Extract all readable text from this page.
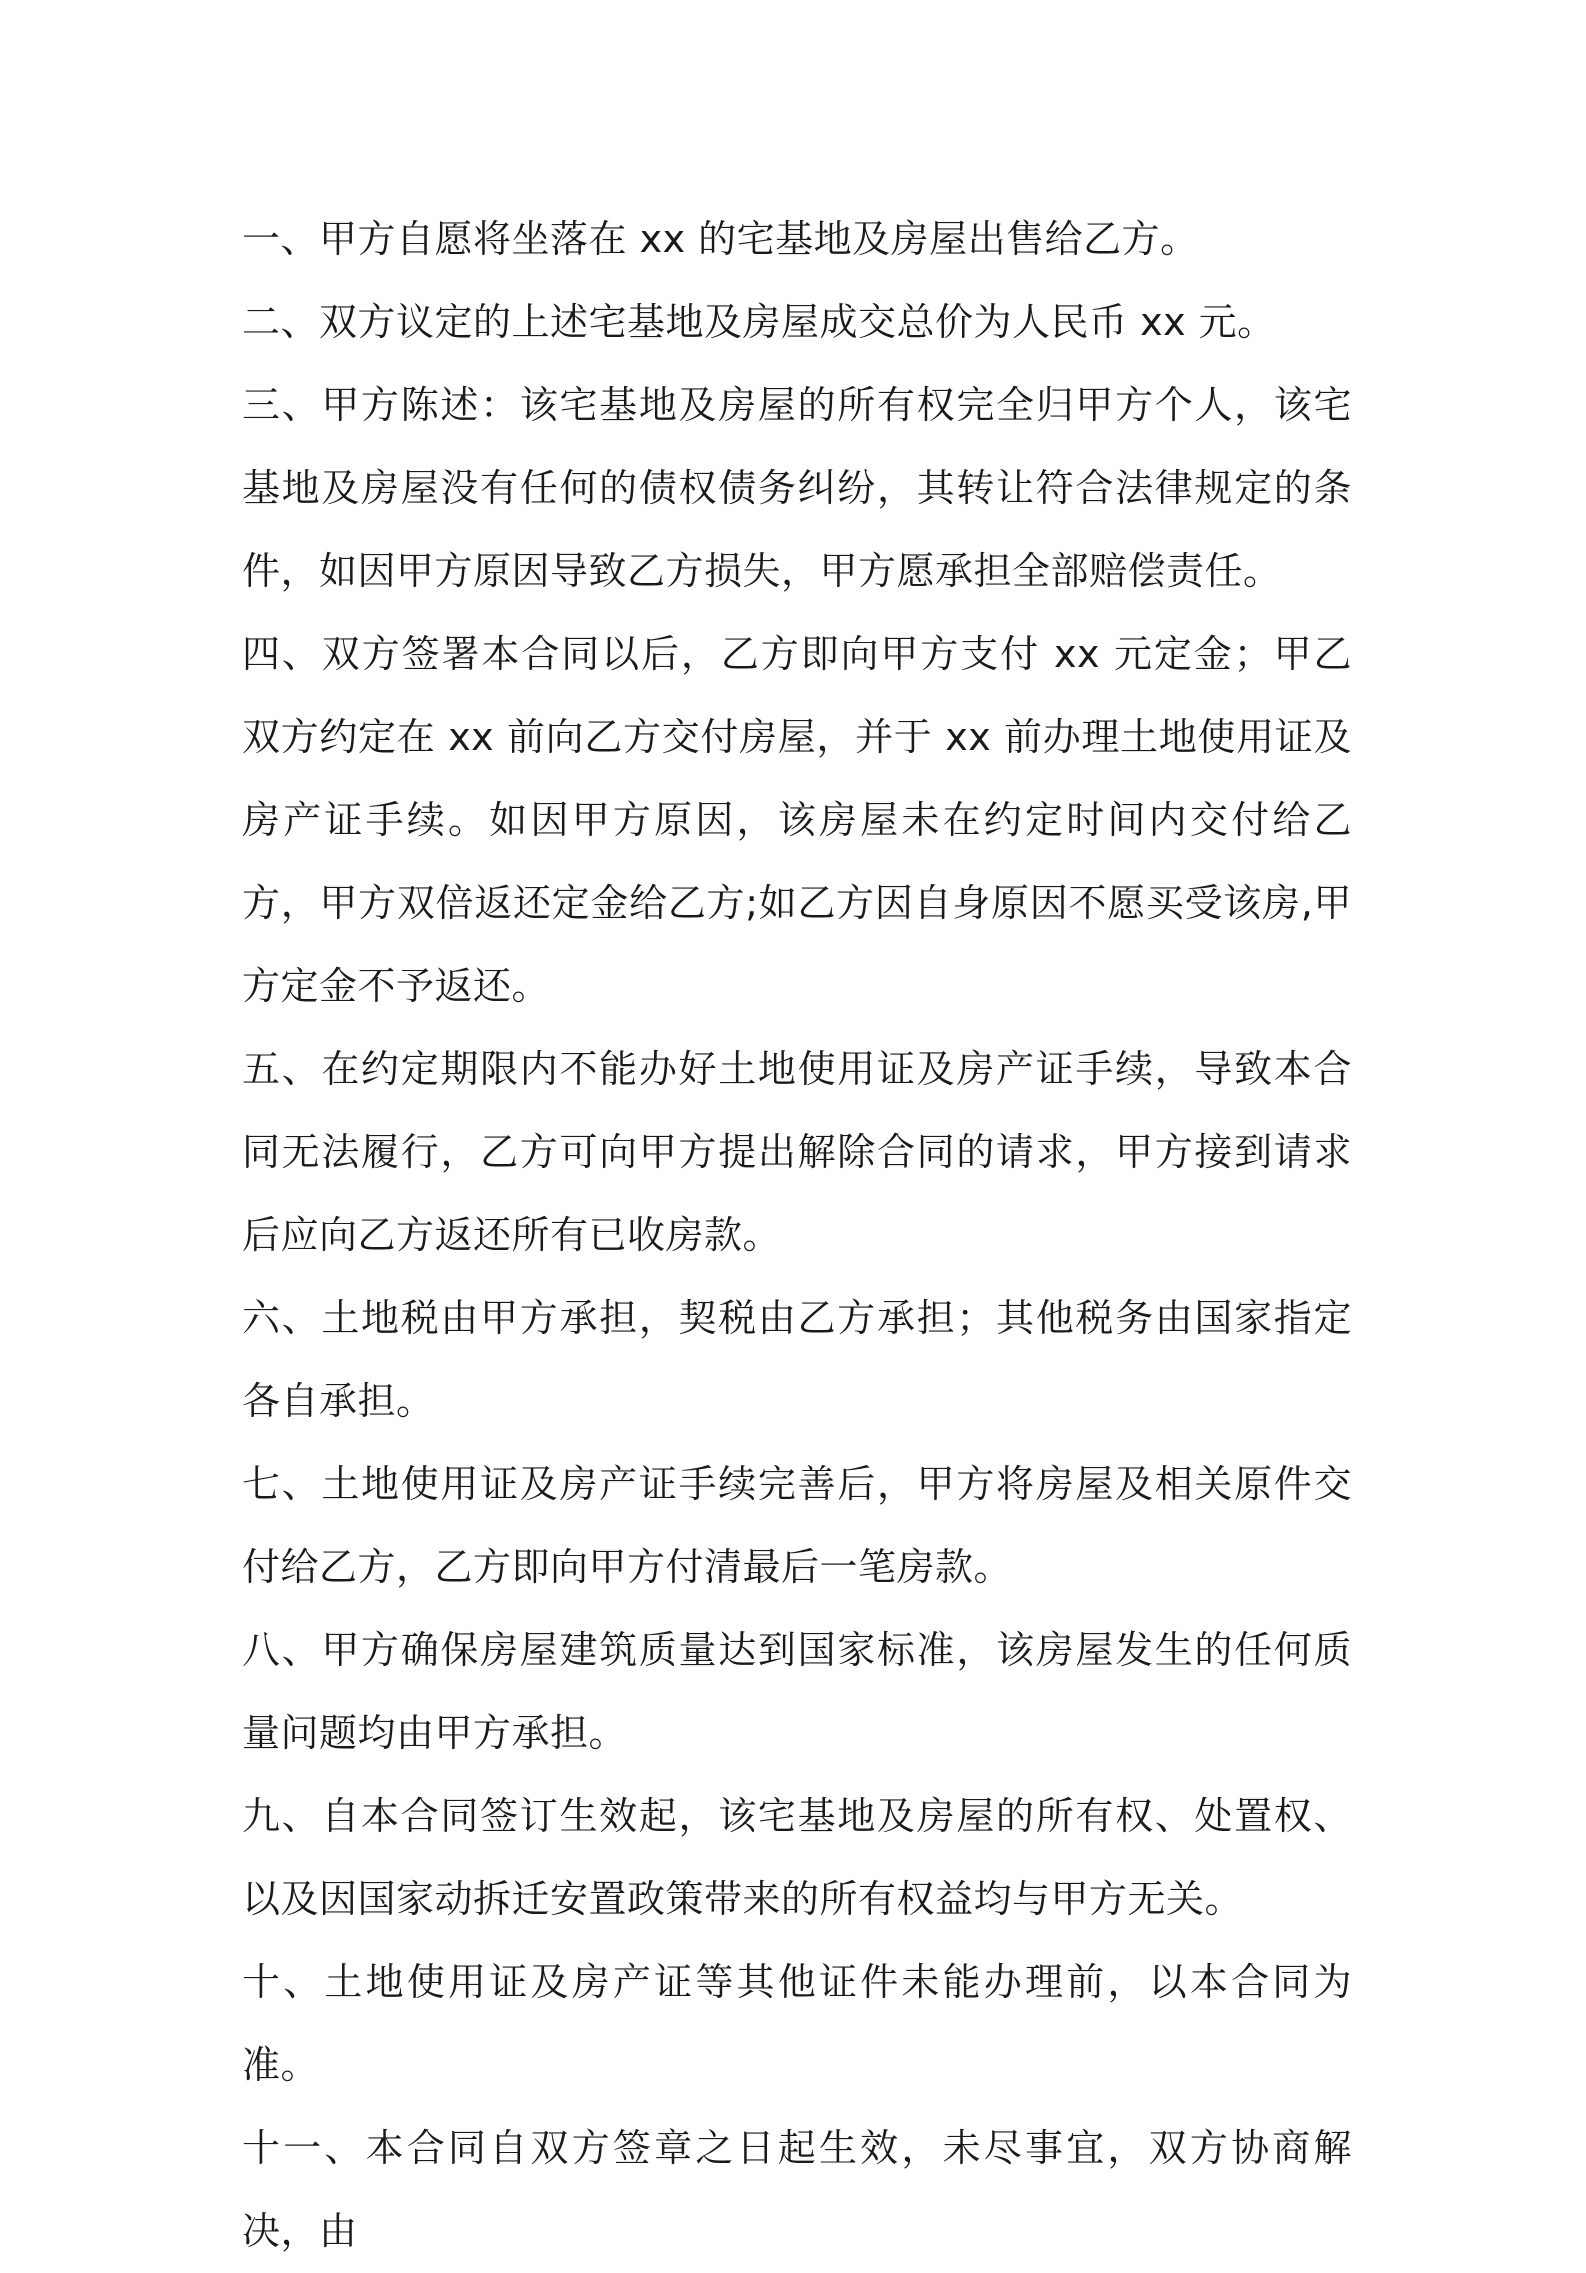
一、甲方自愿将坐落在 xx 的宅基地及房屋出售给乙方。
二、双方议定的上述宅基地及房屋成交总价为人民币 xx 元。
三、甲方陈述：该宅基地及房屋的所有权完全归甲方个人，该宅基地及房屋没有任何的债权债务纠纷，其转让符合法律规定的条件，如因甲方原因导致乙方损失，甲方愿承担全部赔偿责任。
四、双方签署本合同以后，乙方即向甲方支付 xx 元定金；甲乙双方约定在 xx 前向乙方交付房屋，并于 xx 前办理土地使用证及房产证手续。如因甲方原因，该房屋未在约定时间内交付给乙方，甲方双倍返还定金给乙方;如乙方因自身原因不愿买受该房,甲方定金不予返还。
五、在约定期限内不能办好土地使用证及房产证手续，导致本合同无法履行，乙方可向甲方提出解除合同的请求，甲方接到请求后应向乙方返还所有已收房款。
六、土地税由甲方承担，契税由乙方承担；其他税务由国家指定各自承担。
七、土地使用证及房产证手续完善后，甲方将房屋及相关原件交付给乙方，乙方即向甲方付清最后一笔房款。
八、甲方确保房屋建筑质量达到国家标准，该房屋发生的任何质量问题均由甲方承担。
九、自本合同签订生效起，该宅基地及房屋的所有权、处置权、以及因国家动拆迁安置政策带来的所有权益均与甲方无关。
十、土地使用证及房产证等其他证件未能办理前，以本合同为准。
十一、本合同自双方签章之日起生效，未尽事宜，双方协商解决，由
